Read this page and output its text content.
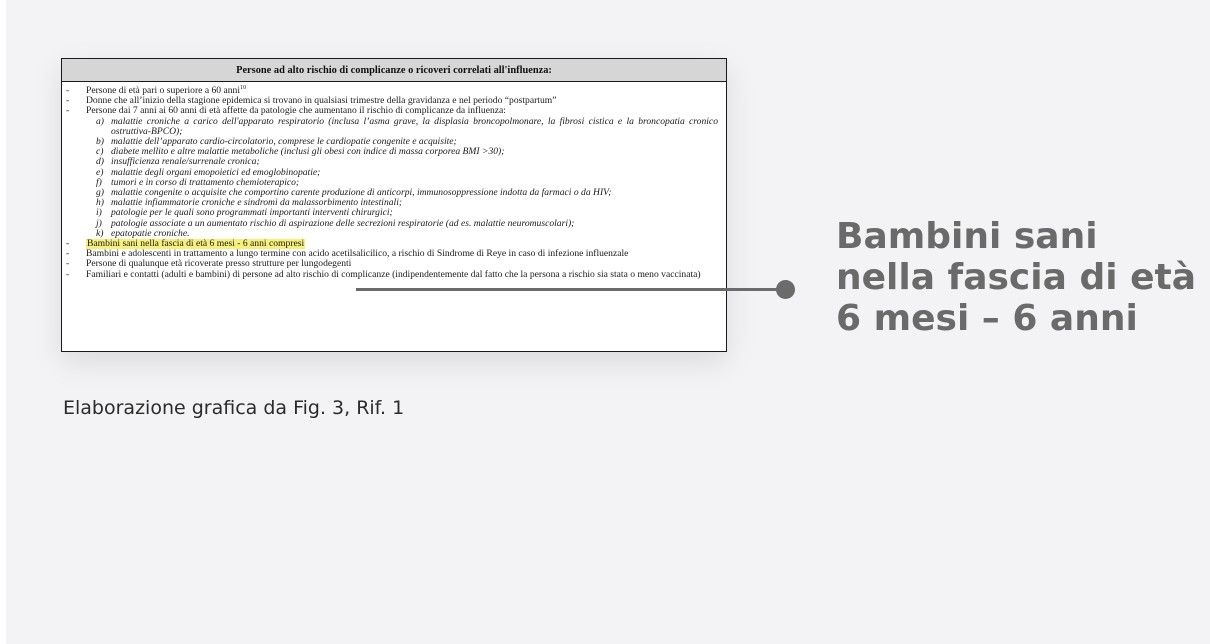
Persone ad alto rischio di complicanze o ricoveri correlati all'influenza:
-	Persone di età pari o superiore a 60 anni$^{10}$
-	Donne che all’inizio della stagione epidemica si trovano in qualsiasi trimestre della gravidanza e nel periodo “postpartum”
-	Persone dai 7 anni ai 60 anni di età affette da patologie che aumentano il rischio di complicanze da influenza:
a) malattie croniche a carico dell'apparato respiratorio (inclusa l’asma grave, la displasia broncopolmonare, la fibrosi cistica e la broncopatia cronico ostruttiva-BPCO);
b) malattie dell’apparato cardio-circolatorio, comprese le cardiopatie congenite e acquisite;
c) diabete mellito e altre malattie metaboliche (inclusi gli obesi con indice di massa corporea BMI >30);
d) insufficienza renale/surrenale cronica;
e) malattie degli organi emopoietici ed emoglobinopatie;
f) tumori e in corso di trattamento chemioterapico;
g) malattie congenite o acquisite che comportino carente produzione di anticorpi, immunosoppressione indotta da farmaci o da HIV;
h) malattie infiammatorie croniche e sindromi da malassorbimento intestinali;
i) patologie per le quali sono programmati importanti interventi chirurgici;
j) patologie associate a un aumentato rischio di aspirazione delle secrezioni respiratorie (ad es. malattie neuromuscolari);
k) epatopatie croniche.
-	Bambini sani nella fascia di età 6 mesi - 6 anni compresi
-	Bambini e adolescenti in trattamento a lungo termine con acido acetilsalicilico, a rischio di Sindrome di Reye in caso di infezione influenzale
-	Persone di qualunque età ricoverate presso strutture per lungodegenti
-	Familiari e contatti (adulti e bambini) di persone ad alto rischio di complicanze (indipendentemente dal fatto che la persona a rischio sia stata o meno vaccinata)
Bambini sani
nella fascia di età
6 mesi – 6 anni
Elaborazione grafica da Fig. 3, Rif. 1
